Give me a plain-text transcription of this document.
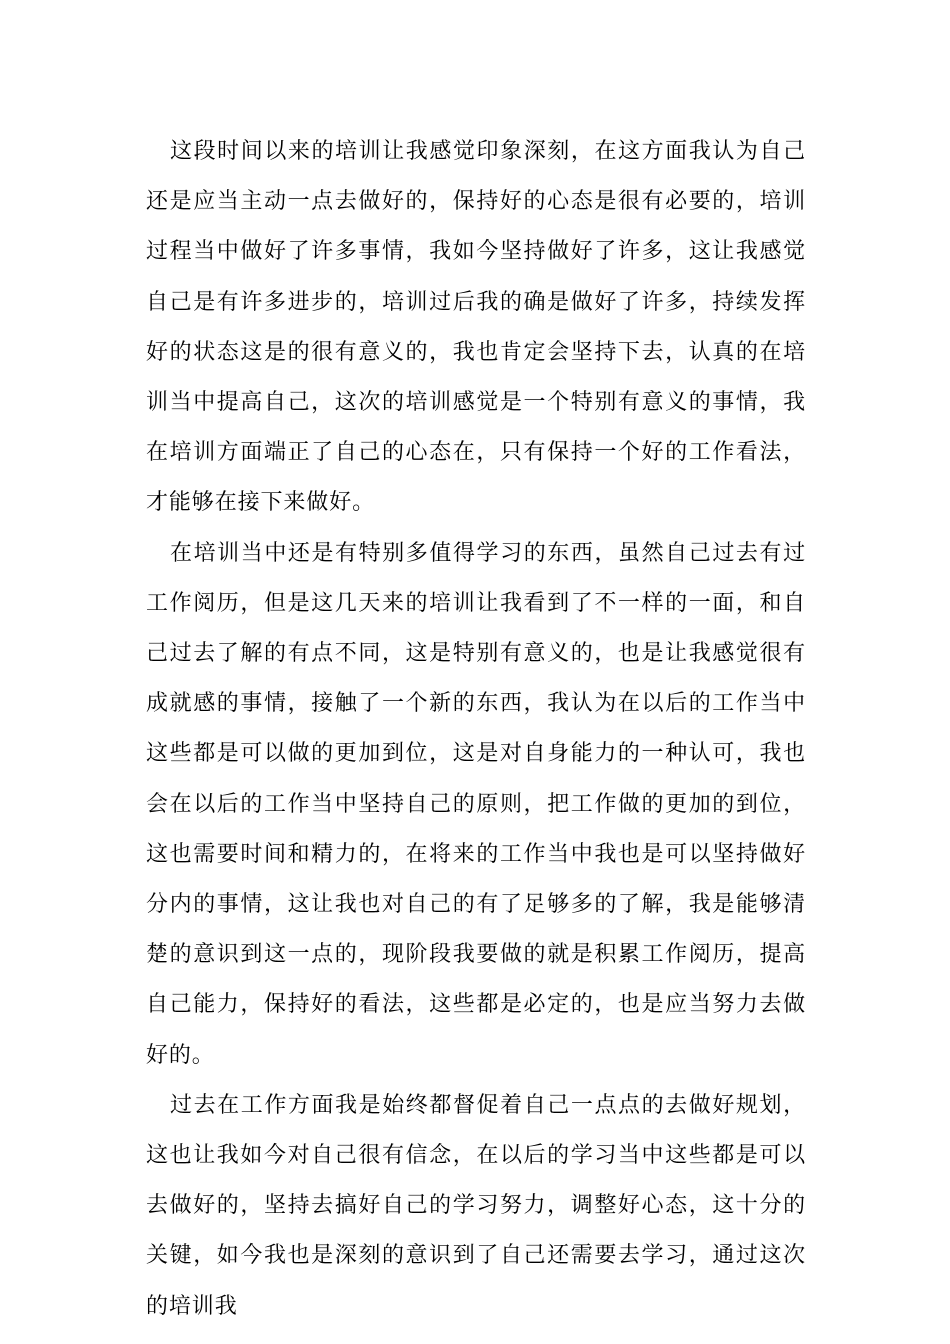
这段时间以来的培训让我感觉印象深刻，在这方面我认为自己还是应当主动一点去做好的，保持好的心态是很有必要的，培训过程当中做好了许多事情，我如今坚持做好了许多，这让我感觉自己是有许多进步的，培训过后我的确是做好了许多，持续发挥好的状态这是的很有意义的，我也肯定会坚持下去，认真的在培训当中提高自己，这次的培训感觉是一个特别有意义的事情，我在培训方面端正了自己的心态在，只有保持一个好的工作看法，才能够在接下来做好。

在培训当中还是有特别多值得学习的东西，虽然自己过去有过工作阅历，但是这几天来的培训让我看到了不一样的一面，和自己过去了解的有点不同，这是特别有意义的，也是让我感觉很有成就感的事情，接触了一个新的东西，我认为在以后的工作当中这些都是可以做的更加到位，这是对自身能力的一种认可，我也会在以后的工作当中坚持自己的原则，把工作做的更加的到位，这也需要时间和精力的，在将来的工作当中我也是可以坚持做好分内的事情，这让我也对自己的有了足够多的了解，我是能够清楚的意识到这一点的，现阶段我要做的就是积累工作阅历，提高自己能力，保持好的看法，这些都是必定的，也是应当努力去做好的。

过去在工作方面我是始终都督促着自己一点点的去做好规划，这也让我如今对自己很有信念，在以后的学习当中这些都是可以去做好的，坚持去搞好自己的学习努力，调整好心态，这十分的关键，如今我也是深刻的意识到了自己还需要去学习，通过这次的培训我
